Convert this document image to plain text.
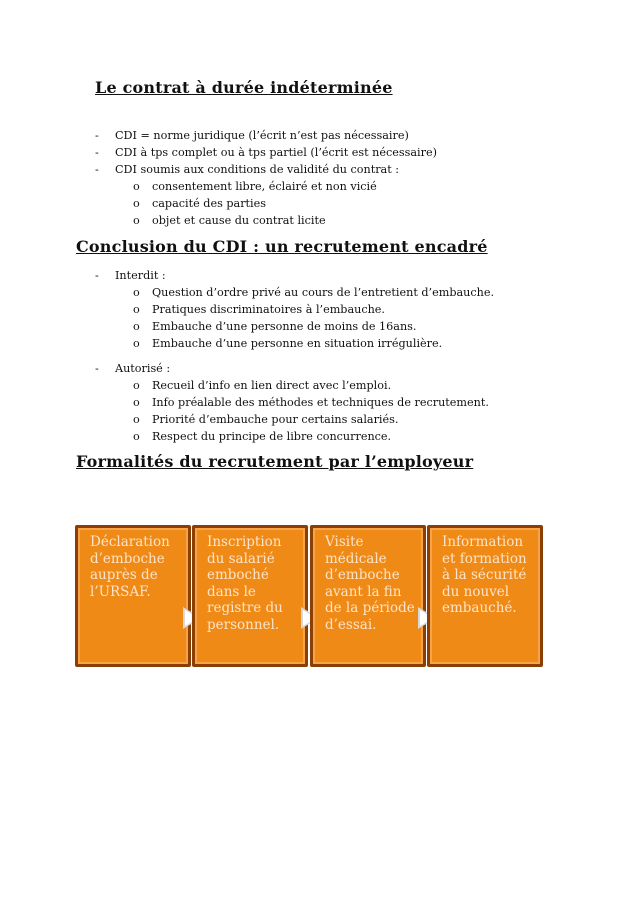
Le contrat à durée indéterminée
-	CDI = norme juridique (l’écrit n’est pas nécessaire)
-	CDI à tps complet ou à tps partiel (l’écrit est nécessaire)
-	CDI soumis aux conditions de validité du contrat :
o consentement libre, éclairé et non vicié
o capacité des parties
o objet et cause du contrat licite
Conclusion du CDI : un recrutement encadré
-	Interdit :
o Question d’ordre privé au cours de l’entretient d’embauche.
o Pratiques discriminatoires à l’embauche.
o Embauche d’une personne de moins de 16ans.
o Embauche d’une personne en situation irrégulière.
-	Autorisé :
o Recueil d’info en lien direct avec l’emploi.
o Info préalable des méthodes et techniques de recrutement.
o Priorité d’embauche pour certains salariés.
o Respect du principe de libre concurrence.
Formalités du recrutement par l’employeur
Déclaration d’emboche auprès de l’URSAF.
Inscription du salarié emboché dans le registre du personnel.
Visite médicale d’emboche avant la fin de la période d’essai.
Information et formation à la sécurité du nouvel embauché.
